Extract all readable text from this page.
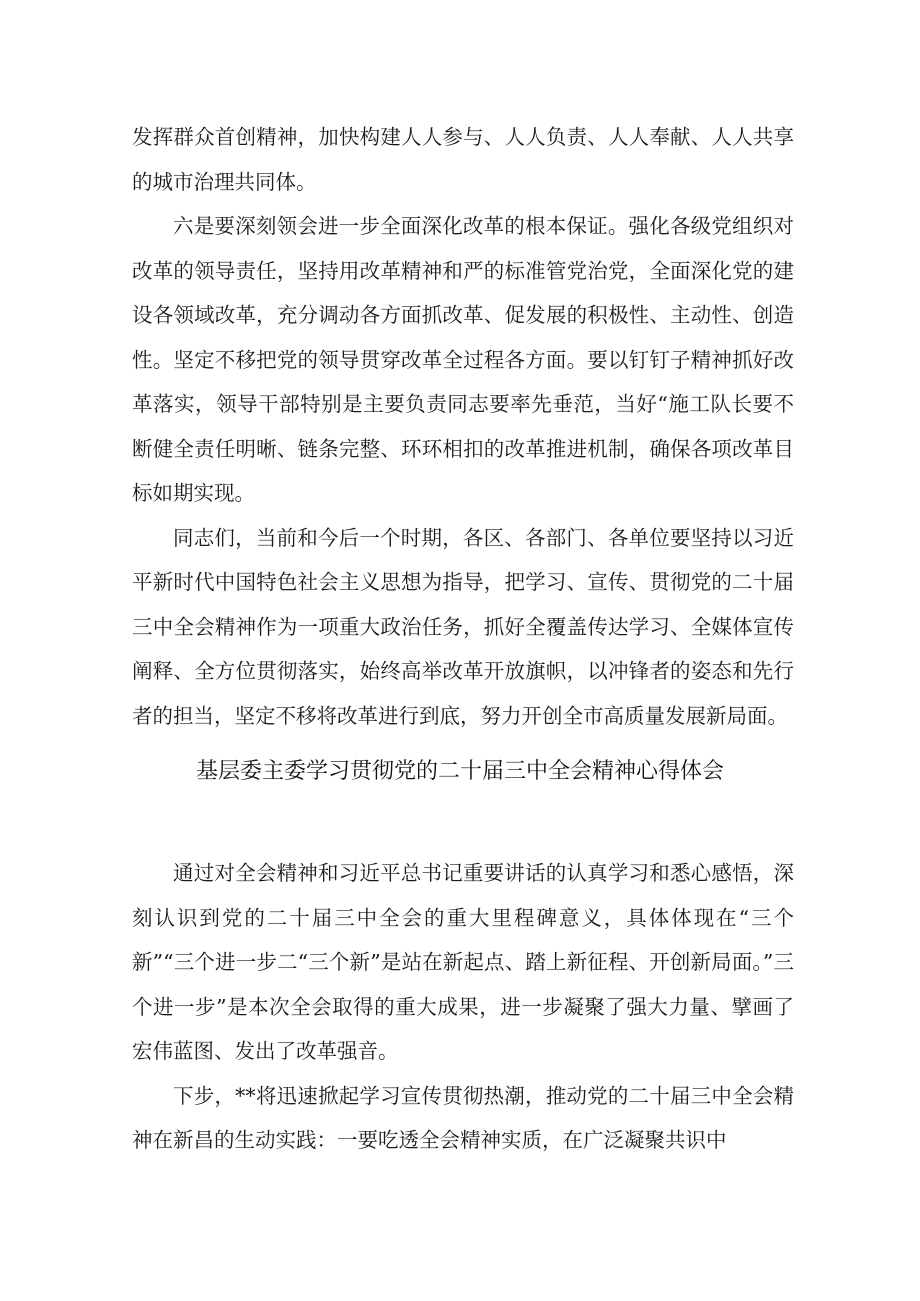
发挥群众首创精神，加快构建人人参与、人人负责、人人奉献、人人共享的城市治理共同体。

六是要深刻领会进一步全面深化改革的根本保证。强化各级党组织对改革的领导责任，坚持用改革精神和严的标准管党治党，全面深化党的建设各领域改革，充分调动各方面抓改革、促发展的积极性、主动性、创造性。坚定不移把党的领导贯穿改革全过程各方面。要以钉钉子精神抓好改革落实，领导干部特别是主要负责同志要率先垂范，当好“施工队长要不断健全责任明晰、链条完整、环环相扣的改革推进机制，确保各项改革目标如期实现。

同志们，当前和今后一个时期，各区、各部门、各单位要坚持以习近平新时代中国特色社会主义思想为指导，把学习、宣传、贯彻党的二十届三中全会精神作为一项重大政治任务，抓好全覆盖传达学习、全媒体宣传阐释、全方位贯彻落实，始终高举改革开放旗帜，以冲锋者的姿态和先行者的担当，坚定不移将改革进行到底，努力开创全市高质量发展新局面。

基层委主委学习贯彻党的二十届三中全会精神心得体会

通过对全会精神和习近平总书记重要讲话的认真学习和悉心感悟，深刻认识到党的二十届三中全会的重大里程碑意义，具体体现在“三个新”“三个进一步二“三个新”是站在新起点、踏上新征程、开创新局面。”三个进一步”是本次全会取得的重大成果，进一步凝聚了强大力量、擘画了宏伟蓝图、发出了改革强音。

下步，**将迅速掀起学习宣传贯彻热潮，推动党的二十届三中全会精神在新昌的生动实践：一要吃透全会精神实质，在广泛凝聚共识中
